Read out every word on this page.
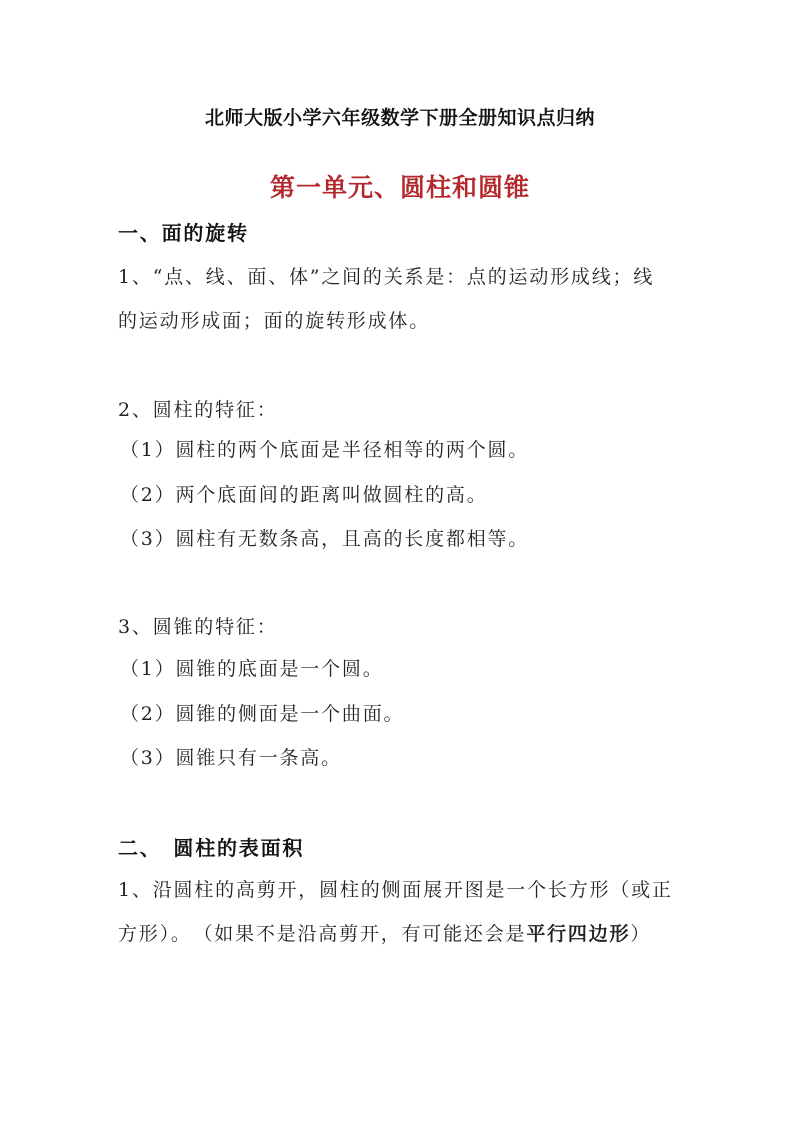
北师大版小学六年级数学下册全册知识点归纳
第一单元、圆柱和圆锥
一、面的旋转
1、“点、线、面、体”之间的关系是：点的运动形成线；线
的运动形成面；面的旋转形成体。
2、圆柱的特征：
（1）圆柱的两个底面是半径相等的两个圆。
（2）两个底面间的距离叫做圆柱的高。
（3）圆柱有无数条高，且高的长度都相等。
3、圆锥的特征：
（1）圆锥的底面是一个圆。
（2）圆锥的侧面是一个曲面。
（3）圆锥只有一条高。
二、　圆柱的表面积
1、沿圆柱的高剪开，圆柱的侧面展开图是一个长方形（或正
方形）。　（如果不是沿高剪开，有可能还会是平行四边形）
